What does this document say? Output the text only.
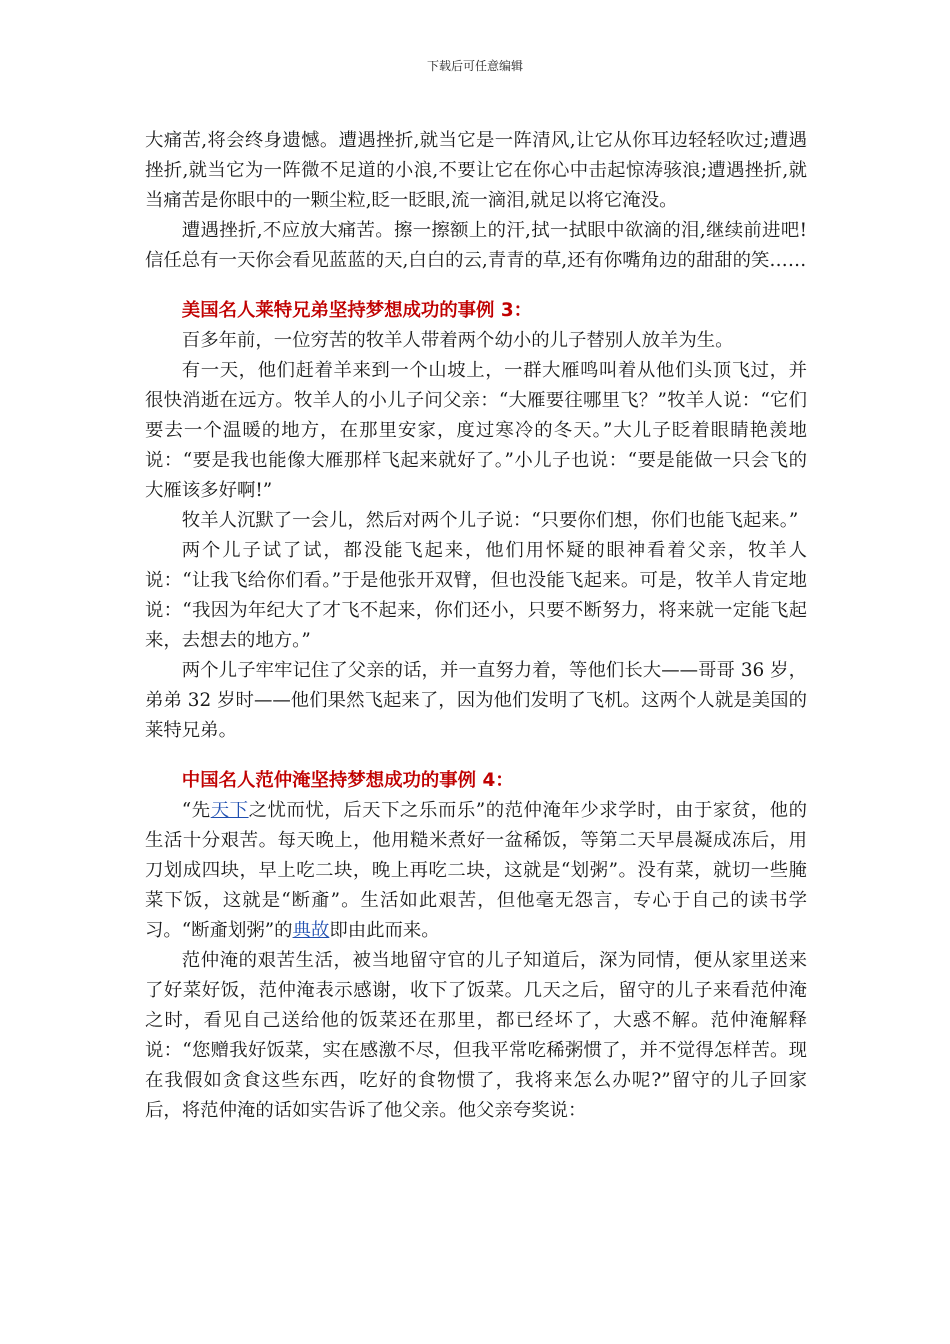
下载后可任意编辑

大痛苦,将会终身遗憾。遭遇挫折,就当它是一阵清风,让它从你耳边轻轻吹过;遭遇挫折,就当它为一阵微不足道的小浪,不要让它在你心中击起惊涛骇浪;遭遇挫折,就当痛苦是你眼中的一颗尘粒,眨一眨眼,流一滴泪,就足以将它淹没。

遭遇挫折,不应放大痛苦。擦一擦额上的汗,拭一拭眼中欲滴的泪,继续前进吧!信任总有一天你会看见蓝蓝的天,白白的云,青青的草,还有你嘴角边的甜甜的笑……

美国名人莱特兄弟坚持梦想成功的事例 3：

百多年前，一位穷苦的牧羊人带着两个幼小的儿子替别人放羊为生。

有一天，他们赶着羊来到一个山坡上，一群大雁鸣叫着从他们头顶飞过，并很快消逝在远方。牧羊人的小儿子问父亲：“大雁要往哪里飞？”牧羊人说：“它们要去一个温暖的地方，在那里安家，度过寒冷的冬天。”大儿子眨着眼睛艳羡地说：“要是我也能像大雁那样飞起来就好了。”小儿子也说：“要是能做一只会飞的大雁该多好啊!”

牧羊人沉默了一会儿，然后对两个儿子说：“只要你们想，你们也能飞起来。”

两个儿子试了试，都没能飞起来，他们用怀疑的眼神看着父亲，牧羊人说：“让我飞给你们看。”于是他张开双臂，但也没能飞起来。可是，牧羊人肯定地说：“我因为年纪大了才飞不起来，你们还小，只要不断努力，将来就一定能飞起来，去想去的地方。”

两个儿子牢牢记住了父亲的话，并一直努力着，等他们长大——哥哥 36 岁，弟弟 32 岁时——他们果然飞起来了，因为他们发明了飞机。这两个人就是美国的莱特兄弟。

中国名人范仲淹坚持梦想成功的事例 4：

“先天下之忧而忧，后天下之乐而乐”的范仲淹年少求学时，由于家贫，他的生活十分艰苦。每天晚上，他用糙米煮好一盆稀饭，等第二天早晨凝成冻后，用刀划成四块，早上吃二块，晚上再吃二块，这就是“划粥”。没有菜，就切一些腌菜下饭，这就是“断齑”。生活如此艰苦，但他毫无怨言，专心于自己的读书学习。“断齑划粥”的典故即由此而来。

范仲淹的艰苦生活，被当地留守官的儿子知道后，深为同情，便从家里送来了好菜好饭，范仲淹表示感谢，收下了饭菜。几天之后，留守的儿子来看范仲淹之时，看见自己送给他的饭菜还在那里，都已经坏了，大惑不解。范仲淹解释说：“您赠我好饭菜，实在感激不尽，但我平常吃稀粥惯了，并不觉得怎样苦。现在我假如贪食这些东西，吃好的食物惯了，我将来怎么办呢?”留守的儿子回家后，将范仲淹的话如实告诉了他父亲。他父亲夸奖说：
